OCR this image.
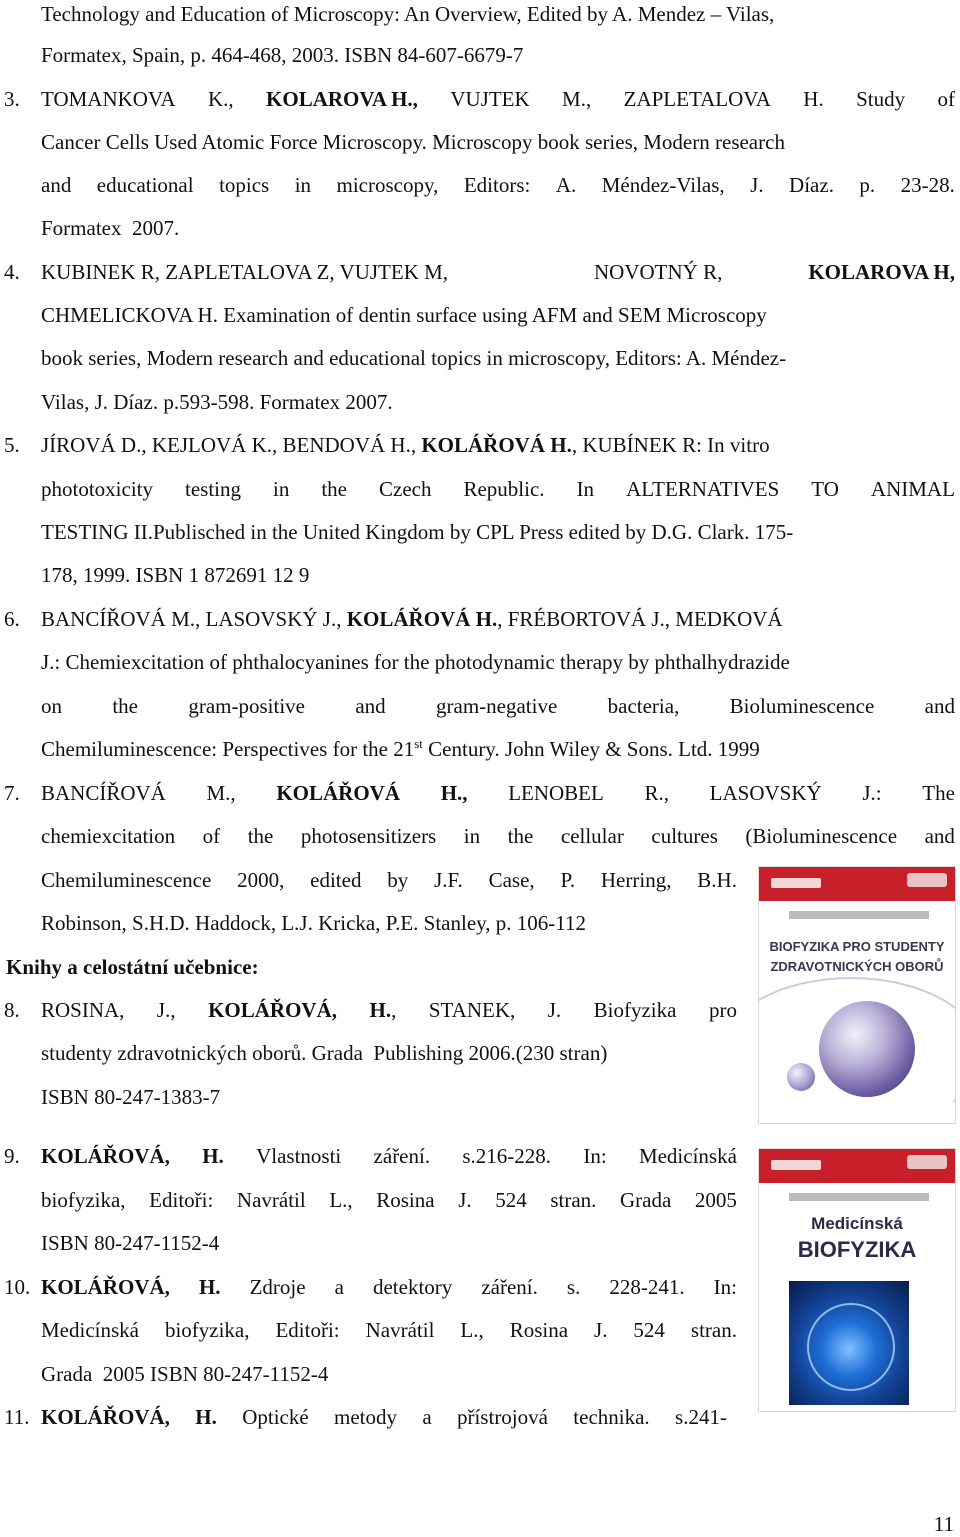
Technology and Education of Microscopy: An Overview, Edited by A. Mendez – Vilas,
Formatex, Spain, p. 464-468, 2003. ISBN 84-607-6679-7
3. TOMANKOVA K., KOLAROVA H., VUJTEK M., ZAPLETALOVA H. Study of
Cancer Cells Used Atomic Force Microscopy. Microscopy book series, Modern research
and educational topics in microscopy, Editors: A. Méndez-Vilas, J. Díaz. p. 23-28.
Formatex  2007.
4. KUBINEK R, ZAPLETALOVA Z, VUJTEK M,	NOVOTNÝ R,	KOLAROVA H,
CHMELICKOVA H. Examination of dentin surface using AFM and SEM Microscopy
book series, Modern research and educational topics in microscopy, Editors: A. Méndez-
Vilas, J. Díaz. p.593-598. Formatex 2007.
5. JÍROVÁ D., KEJLOVÁ K., BENDOVÁ H., KOLÁŘOVÁ H., KUBÍNEK R: In vitro
phototoxicity testing in the Czech Republic. In ALTERNATIVES TO ANIMAL
TESTING II.Publisched in the United Kingdom by CPL Press edited by D.G. Clark. 175-
178, 1999. ISBN 1 872691 12 9
6. BANCÍŘOVÁ M., LASOVSKÝ J., KOLÁŘOVÁ H., FRÉBORTOVÁ J., MEDKOVÁ
J.: Chemiexcitation of phthalocyanines for the photodynamic therapy by phthalhydrazide
on the gram-positive and gram-negative bacteria, Bioluminescence and
Chemiluminescence: Perspectives for the 21st Century. John Wiley & Sons. Ltd. 1999
7. BANCÍŘOVÁ M., KOLÁŘOVÁ H., LENOBEL R., LASOVSKÝ J.: The
chemiexcitation of the photosensitizers in the cellular cultures (Bioluminescence and
Chemiluminescence 2000, edited by J.F. Case, P. Herring, B.H.
Robinson, S.H.D. Haddock, L.J. Kricka, P.E. Stanley, p. 106-112
Knihy a celostátní učebnice:
8. ROSINA, J., KOLÁŘOVÁ, H., STANEK, J. Biofyzika pro
studenty zdravotnických oborů. Grada  Publishing 2006.(230 stran)
ISBN 80-247-1383-7
9. KOLÁŘOVÁ, H. Vlastnosti záření. s.216-228. In: Medicínská
biofyzika, Editoři: Navrátil L., Rosina J. 524 stran. Grada 2005
ISBN 80-247-1152-4
10. KOLÁŘOVÁ, H. Zdroje a detektory záření. s. 228-241. In:
Medicínská biofyzika, Editoři: Navrátil L., Rosina J. 524 stran.
Grada  2005 ISBN 80-247-1152-4
11. KOLÁŘOVÁ, H. Optické metody a přístrojová technika. s.241-
BIOFYZIKA PRO STUDENTY ZDRAVOTNICKÝCH OBORŮ
Medicínská
BIOFYZIKA
11
